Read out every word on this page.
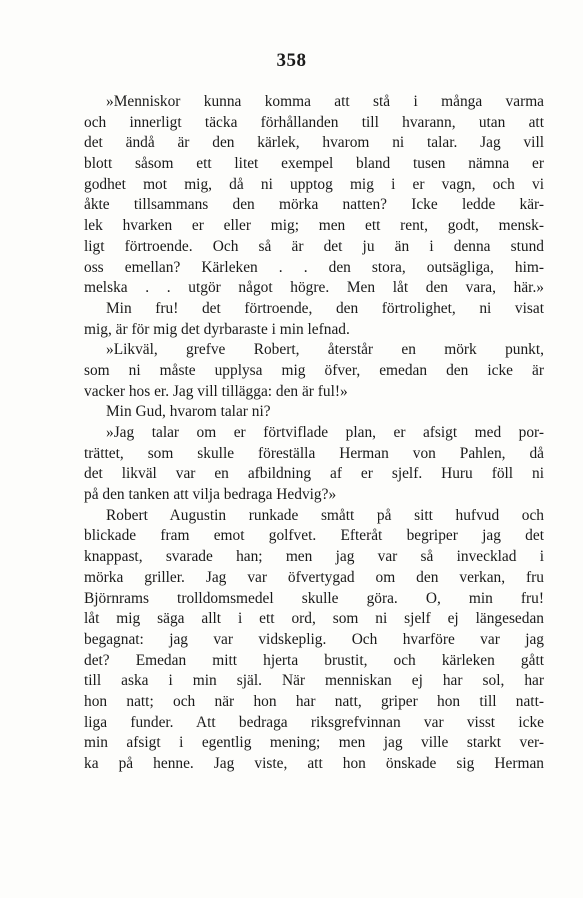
358
»Menniskor kunna komma att stå i många varma
och innerligt täcka förhållanden till hvarann, utan att
det ändå är den kärlek, hvarom ni talar. Jag vill
blott såsom ett litet exempel bland tusen nämna er
godhet mot mig, då ni upptog mig i er vagn, och vi
åkte tillsammans den mörka natten? Icke ledde kär-
lek hvarken er eller mig; men ett rent, godt, mensk-
ligt förtroende. Och så är det ju än i denna stund
oss emellan? Kärleken . . den stora, outsägliga, him-
melska . . utgör något högre. Men låt den vara, här.»
Min fru! det förtroende, den förtrolighet, ni visat
mig, är för mig det dyrbaraste i min lefnad.
»Likväl, grefve Robert, återstår en mörk punkt,
som ni måste upplysa mig öfver, emedan den icke är
vacker hos er. Jag vill tillägga: den är ful!»
Min Gud, hvarom talar ni?
»Jag talar om er förtviflade plan, er afsigt med por-
trättet, som skulle föreställa Herman von Pahlen, då
det likväl var en afbildning af er sjelf. Huru föll ni
på den tanken att vilja bedraga Hedvig?»
Robert Augustin runkade smått på sitt hufvud och
blickade fram emot golfvet. Efteråt begriper jag det
knappast, svarade han; men jag var så invecklad i
mörka griller. Jag var öfvertygad om den verkan, fru
Björnrams trolldomsmedel skulle göra. O, min fru!
låt mig säga allt i ett ord, som ni sjelf ej längesedan
begagnat: jag var vidskeplig. Och hvarföre var jag
det? Emedan mitt hjerta brustit, och kärleken gått
till aska i min själ. När menniskan ej har sol, har
hon natt; och när hon har natt, griper hon till natt-
liga funder. Att bedraga riksgrefvinnan var visst icke
min afsigt i egentlig mening; men jag ville starkt ver-
ka på henne. Jag viste, att hon önskade sig Herman
